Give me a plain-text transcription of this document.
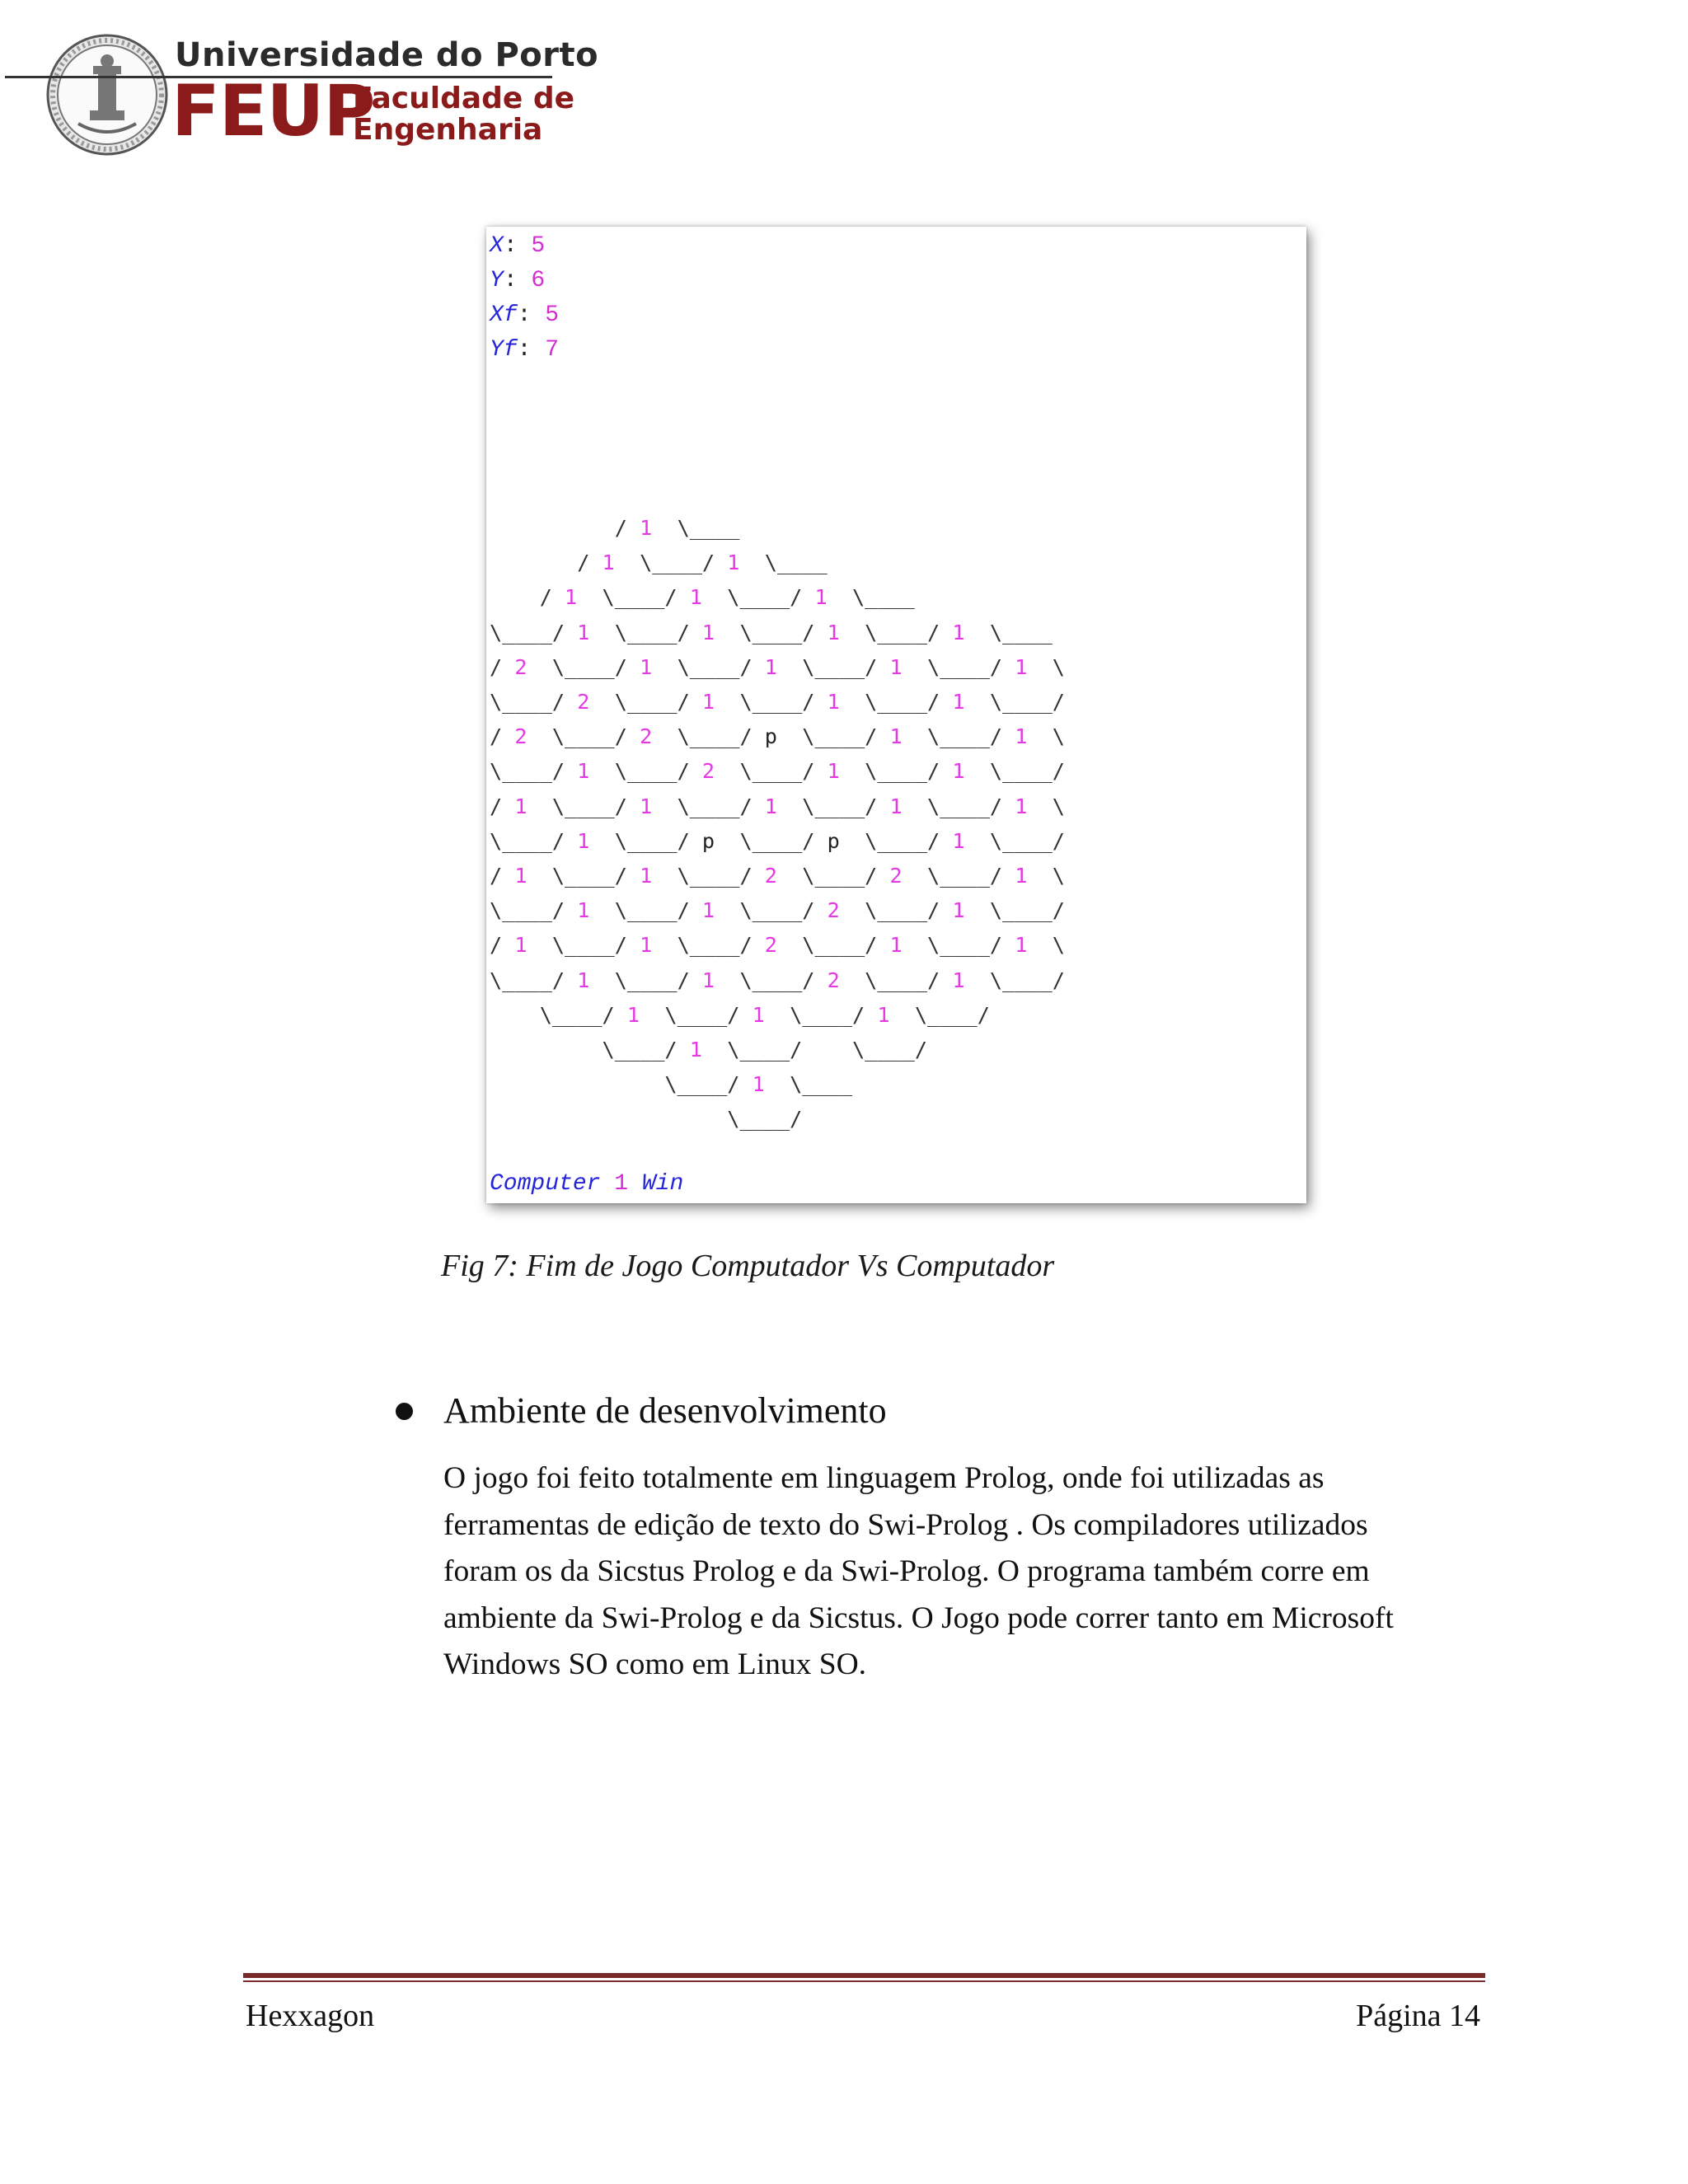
Universidade do Porto
FEUP
Faculdade de
Engenharia
X: 5
Y: 6
Xf: 5
Yf: 7
/ 1 \____
/ 1 \____/ 1 \____
/ 1 \____/ 1 \____/ 1 \____
\____/ 1 \____/ 1 \____/ 1 \____/ 1 \____
/ 2 \____/ 1 \____/ 1 \____/ 1 \____/ 1 \
\____/ 2 \____/ 1 \____/ 1 \____/ 1 \____/
/ 2 \____/ 2 \____/ p \____/ 1 \____/ 1 \
\____/ 1 \____/ 2 \____/ 1 \____/ 1 \____/
/ 1 \____/ 1 \____/ 1 \____/ 1 \____/ 1 \
\____/ 1 \____/ p \____/ p \____/ 1 \____/
/ 1 \____/ 1 \____/ 2 \____/ 2 \____/ 1 \
\____/ 1 \____/ 1 \____/ 2 \____/ 1 \____/
/ 1 \____/ 1 \____/ 2 \____/ 1 \____/ 1 \
\____/ 1 \____/ 1 \____/ 2 \____/ 1 \____/
\____/ 1 \____/ 1 \____/ 1 \____/
\____/ 1 \____/ \____/
\____/ 1 \____
\____/
Computer 1 Win
Fig 7: Fim de Jogo Computador Vs Computador
Ambiente de desenvolvimento
O jogo foi feito totalmente em linguagem Prolog, onde foi utilizadas as
ferramentas de edição de texto do Swi-Prolog . Os compiladores utilizados
foram os da Sicstus Prolog e da Swi-Prolog. O programa também corre em
ambiente da Swi-Prolog e da Sicstus. O Jogo pode correr tanto em Microsoft
Windows SO como em Linux SO.
Hexxagon	Página 14
